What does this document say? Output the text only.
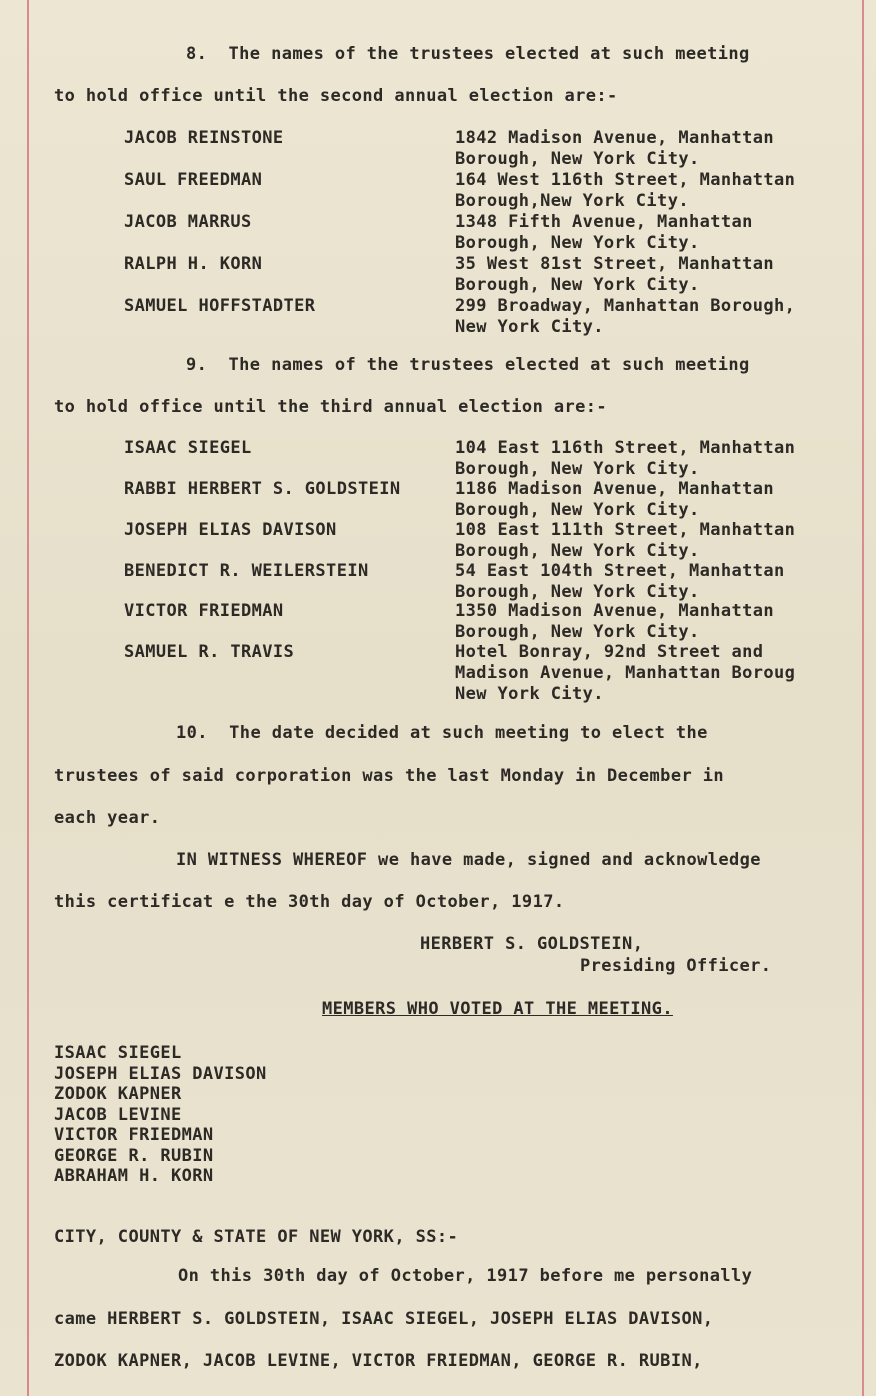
8.  The names of the trustees elected at such meeting
to hold office until the second annual election are:-
JACOB REINSTONE	1842 Madison Avenue, Manhattan
Borough, New York City.
SAUL FREEDMAN	164 West 116th Street, Manhattan
Borough,New York City.
JACOB MARRUS	1348 Fifth Avenue, Manhattan
Borough, New York City.
RALPH H. KORN	35 West 81st Street, Manhattan
Borough, New York City.
SAMUEL HOFFSTADTER	299 Broadway, Manhattan Borough,
New York City.
9.  The names of the trustees elected at such meeting
to hold office until the third annual election are:-
ISAAC SIEGEL	104 East 116th Street, Manhattan
Borough, New York City.
RABBI HERBERT S. GOLDSTEIN	1186 Madison Avenue, Manhattan
Borough, New York City.
JOSEPH ELIAS DAVISON	108 East 111th Street, Manhattan
Borough, New York City.
BENEDICT R. WEILERSTEIN	54 East 104th Street, Manhattan
Borough, New York City.
VICTOR FRIEDMAN	1350 Madison Avenue, Manhattan
Borough, New York City.
SAMUEL R. TRAVIS	Hotel Bonray, 92nd Street and
Madison Avenue, Manhattan Boroug
New York City.
10.  The date decided at such meeting to elect the
trustees of said corporation was the last Monday in December in
each year.
IN WITNESS WHEREOF we have made, signed and acknowledge
this certificat e the 30th day of October, 1917.
HERBERT S. GOLDSTEIN,
Presiding Officer.
MEMBERS WHO VOTED AT THE MEETING.
ISAAC SIEGEL
JOSEPH ELIAS DAVISON
ZODOK KAPNER
JACOB LEVINE
VICTOR FRIEDMAN
GEORGE R. RUBIN
ABRAHAM H. KORN
CITY, COUNTY & STATE OF NEW YORK, SS:-
On this 30th day of October, 1917 before me personally
came HERBERT S. GOLDSTEIN, ISAAC SIEGEL, JOSEPH ELIAS DAVISON,
ZODOK KAPNER, JACOB LEVINE, VICTOR FRIEDMAN, GEORGE R. RUBIN,
